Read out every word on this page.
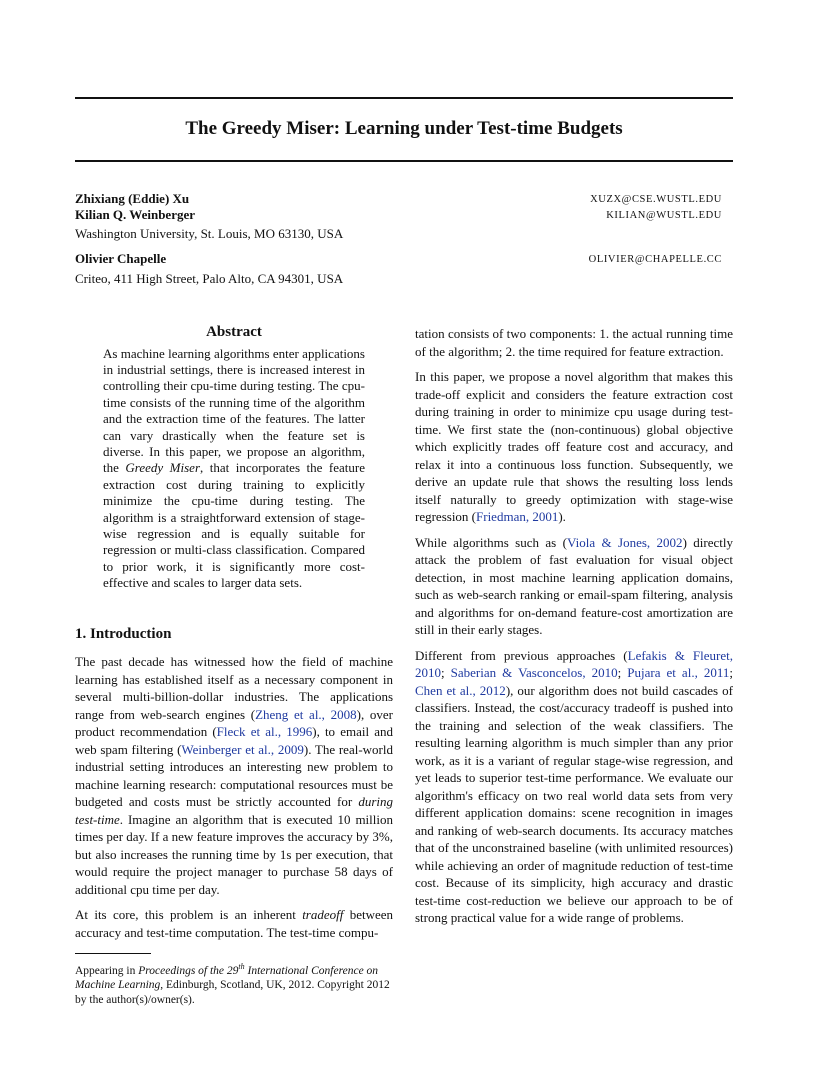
The Greedy Miser: Learning under Test-time Budgets
Zhixiang (Eddie) Xu	XUZX@CSE.WUSTL.EDU
Kilian Q. Weinberger	KILIAN@WUSTL.EDU
Washington University, St. Louis, MO 63130, USA
Olivier Chapelle	OLIVIER@CHAPELLE.CC
Criteo, 411 High Street, Palo Alto, CA 94301, USA
Abstract
As machine learning algorithms enter applications in industrial settings, there is increased interest in controlling their cpu-time during testing. The cpu-time consists of the running time of the algorithm and the extraction time of the features. The latter can vary drastically when the feature set is diverse. In this paper, we propose an algorithm, the Greedy Miser, that incorporates the feature extraction cost during training to explicitly minimize the cpu-time during testing. The algorithm is a straightforward extension of stage-wise regression and is equally suitable for regression or multi-class classification. Compared to prior work, it is significantly more cost-effective and scales to larger data sets.
1. Introduction

The past decade has witnessed how the field of machine learning has established itself as a necessary component in several multi-billion-dollar industries. The applications range from web-search engines (Zheng et al., 2008), over product recommendation (Fleck et al., 1996), to email and web spam filtering (Weinberger et al., 2009). The real-world industrial setting introduces an interesting new problem to machine learning research: computational resources must be budgeted and costs must be strictly accounted for during test-time. Imagine an algorithm that is executed 10 million times per day. If a new feature improves the accuracy by 3%, but also increases the running time by 1s per execution, that would require the project manager to purchase 58 days of additional cpu time per day.

At its core, this problem is an inherent tradeoff between accuracy and test-time computation. The test-time compu-

Appearing in Proceedings of the 29th International Conference on Machine Learning, Edinburgh, Scotland, UK, 2012. Copyright 2012 by the author(s)/owner(s).

tation consists of two components: 1. the actual running time of the algorithm; 2. the time required for feature extraction.

In this paper, we propose a novel algorithm that makes this trade-off explicit and considers the feature extraction cost during training in order to minimize cpu usage during test-time. We first state the (non-continuous) global objective which explicitly trades off feature cost and accuracy, and relax it into a continuous loss function. Subsequently, we derive an update rule that shows the resulting loss lends itself naturally to greedy optimization with stage-wise regression (Friedman, 2001).

While algorithms such as (Viola & Jones, 2002) directly attack the problem of fast evaluation for visual object detection, in most machine learning application domains, such as web-search ranking or email-spam filtering, analysis and algorithms for on-demand feature-cost amortization are still in their early stages.

Different from previous approaches (Lefakis & Fleuret, 2010; Saberian & Vasconcelos, 2010; Pujara et al., 2011; Chen et al., 2012), our algorithm does not build cascades of classifiers. Instead, the cost/accuracy tradeoff is pushed into the training and selection of the weak classifiers. The resulting learning algorithm is much simpler than any prior work, as it is a variant of regular stage-wise regression, and yet leads to superior test-time performance. We evaluate our algorithm's efficacy on two real world data sets from very different application domains: scene recognition in images and ranking of web-search documents. Its accuracy matches that of the unconstrained baseline (with unlimited resources) while achieving an order of magnitude reduction of test-time cost. Because of its simplicity, high accuracy and drastic test-time cost-reduction we believe our approach to be of strong practical value for a wide range of problems.
